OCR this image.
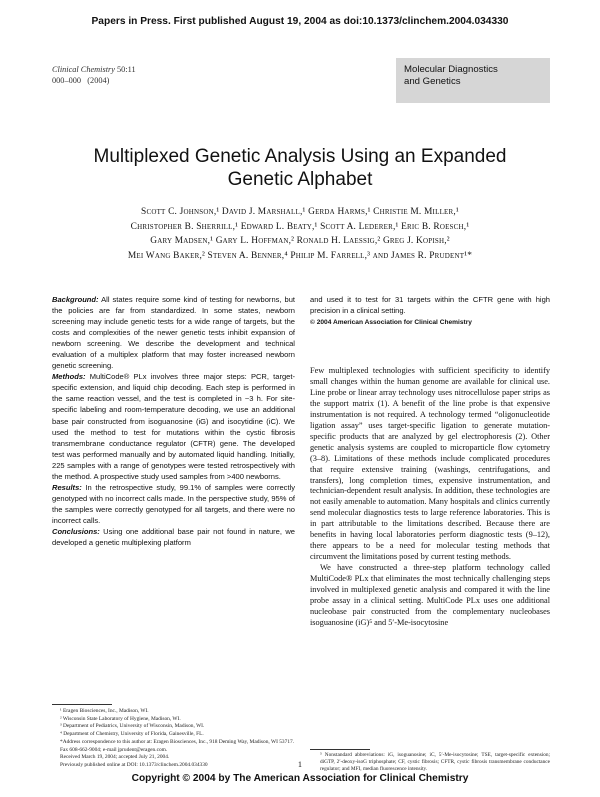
Papers in Press. First published August 19, 2004 as doi:10.1373/clinchem.2004.034330
Clinical Chemistry 50:11
000–000 (2004)
Molecular Diagnostics
and Genetics
Multiplexed Genetic Analysis Using an Expanded
Genetic Alphabet
Scott C. Johnson,¹ David J. Marshall,¹ Gerda Harms,¹ Christie M. Miller,¹
Christopher B. Sherrill,¹ Edward L. Beaty,¹ Scott A. Lederer,¹ Eric B. Roesch,¹
Gary Madsen,¹ Gary L. Hoffman,² Ronald H. Laessig,² Greg J. Kopish,²
Mei Wang Baker,² Steven A. Benner,⁴ Philip M. Farrell,³ and James R. Prudent¹*
Background: All states require some kind of testing for newborns, but the policies are far from standardized. In some states, newborn screening may include genetic tests for a wide range of targets, but the costs and complexities of the newer genetic tests inhibit expansion of newborn screening. We describe the development and technical evaluation of a multiplex platform that may foster increased newborn genetic screening.
Methods: MultiCode® PLx involves three major steps: PCR, target-specific extension, and liquid chip decoding. Each step is performed in the same reaction vessel, and the test is completed in ~3 h. For site-specific labeling and room-temperature decoding, we use an additional base pair constructed from isoguanosine (iG) and isocytidine (iC). We used the method to test for mutations within the cystic fibrosis transmembrane conductance regulator (CFTR) gene. The developed test was performed manually and by automated liquid handling. Initially, 225 samples with a range of genotypes were tested retrospectively with the method. A prospective study used samples from >400 newborns.
Results: In the retrospective study, 99.1% of samples were correctly genotyped with no incorrect calls made. In the perspective study, 95% of the samples were correctly genotyped for all targets, and there were no incorrect calls.
Conclusions: Using one additional base pair not found in nature, we developed a genetic multiplexing platform
and used it to test for 31 targets within the CFTR gene with high precision in a clinical setting.
© 2004 American Association for Clinical Chemistry

Few multiplexed technologies with sufficient specificity to identify small changes within the human genome are available for clinical use. Line probe or linear array technology uses nitrocellulose paper strips as the support matrix (1). A benefit of the line probe is that expensive instrumentation is not required. A technology termed “oligonucleotide ligation assay” uses target-specific ligation to generate mutation-specific products that are analyzed by gel electrophoresis (2). Other genetic analysis systems are coupled to microparticle flow cytometry (3–8). Limitations of these methods include complicated procedures that require extensive training (washings, centrifugations, and transfers), long completion times, expensive instrumentation, and technician-dependent result analysis. In addition, these technologies are not easily amenable to automation. Many hospitals and clinics currently send molecular diagnostics tests to large reference laboratories. This is in part attributable to the limitations described. Because there are benefits in having local laboratories perform diagnostic tests (9–12), there appears to be a need for molecular testing methods that circumvent the limitations posed by current testing methods.

We have constructed a three-step platform technology called MultiCode® PLx that eliminates the most technically challenging steps involved in multiplexed genetic analysis and compared it with the line probe assay in a clinical setting. MultiCode PLx uses one additional nucleobase pair constructed from the complementary nucleobases isoguanosine (iG)⁵ and 5′-Me-isocytosine

¹ Eragen Biosciences, Inc., Madison, WI.
² Wisconsin State Laboratory of Hygiene, Madison, WI.
³ Department of Pediatrics, University of Wisconsin, Madison, WI.
⁴ Department of Chemistry, University of Florida, Gainesville, FL.
*Address correspondence to this author at: Eragen Biosciences, Inc., 918 Deming Way, Madison, WI 53717. Fax 608-662-9004; e-mail jprudent@eragen.com.
Received March 19, 2004; accepted July 21, 2004.
Previously published online at DOI: 10.1373/clinchem.2004.034330
⁵ Nonstandard abbreviations: iG, isoguanosine; iC, 5′-Me-isocytosine; TSE, target-specific extension; diGTP, 2′-deoxy-isoG triphosphate; CF, cystic fibrosis; CFTR, cystic fibrosis transmembrane conductance regulator; and MFI, median fluorescence intensity.
1
Copyright © 2004 by The American Association for Clinical Chemistry
